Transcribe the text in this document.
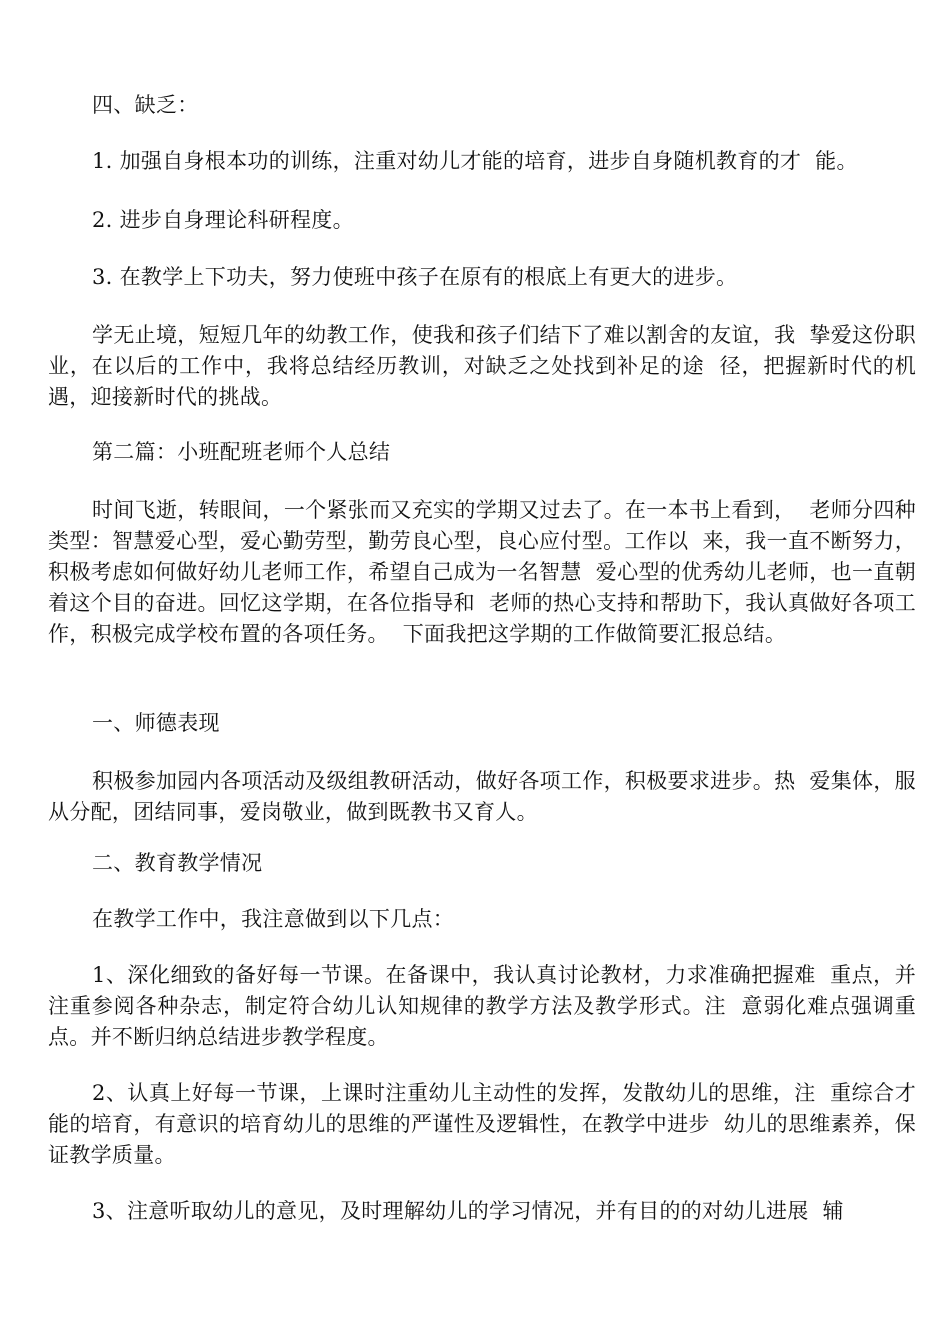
四、缺乏：

1. 加强自身根本功的训练，注重对幼儿才能的培育，进步自身随机教育的才  能。

2. 进步自身理论科研程度。

3. 在教学上下功夫，努力使班中孩子在原有的根底上有更大的进步。

学无止境，短短几年的幼教工作，使我和孩子们结下了难以割舍的友谊，我  挚爱这份职业，在以后的工作中，我将总结经历教训，对缺乏之处找到补足的途  径，把握新时代的机遇，迎接新时代的挑战。

第二篇：小班配班老师个人总结

时间飞逝，转眼间，一个紧张而又充实的学期又过去了。在一本书上看到，  老师分四种类型：智慧爱心型，爱心勤劳型，勤劳良心型，良心应付型。工作以  来，我一直不断努力，积极考虑如何做好幼儿老师工作，希望自己成为一名智慧  爱心型的优秀幼儿老师，也一直朝着这个目的奋进。回忆这学期，在各位指导和  老师的热心支持和帮助下，我认真做好各项工作，积极完成学校布置的各项任务。  下面我把这学期的工作做简要汇报总结。

一、师德表现

积极参加园内各项活动及级组教研活动，做好各项工作，积极要求进步。热  爱集体，服从分配，团结同事，爱岗敬业，做到既教书又育人。

二、教育教学情况

在教学工作中，我注意做到以下几点：

1、深化细致的备好每一节课。在备课中，我认真讨论教材，力求准确把握难  重点，并注重参阅各种杂志，制定符合幼儿认知规律的教学方法及教学形式。注  意弱化难点强调重点。并不断归纳总结进步教学程度。

2、认真上好每一节课，上课时注重幼儿主动性的发挥，发散幼儿的思维，注  重综合才能的培育，有意识的培育幼儿的思维的严谨性及逻辑性，在教学中进步  幼儿的思维素养，保证教学质量。

3、注意听取幼儿的意见，及时理解幼儿的学习情况，并有目的的对幼儿进展  辅
